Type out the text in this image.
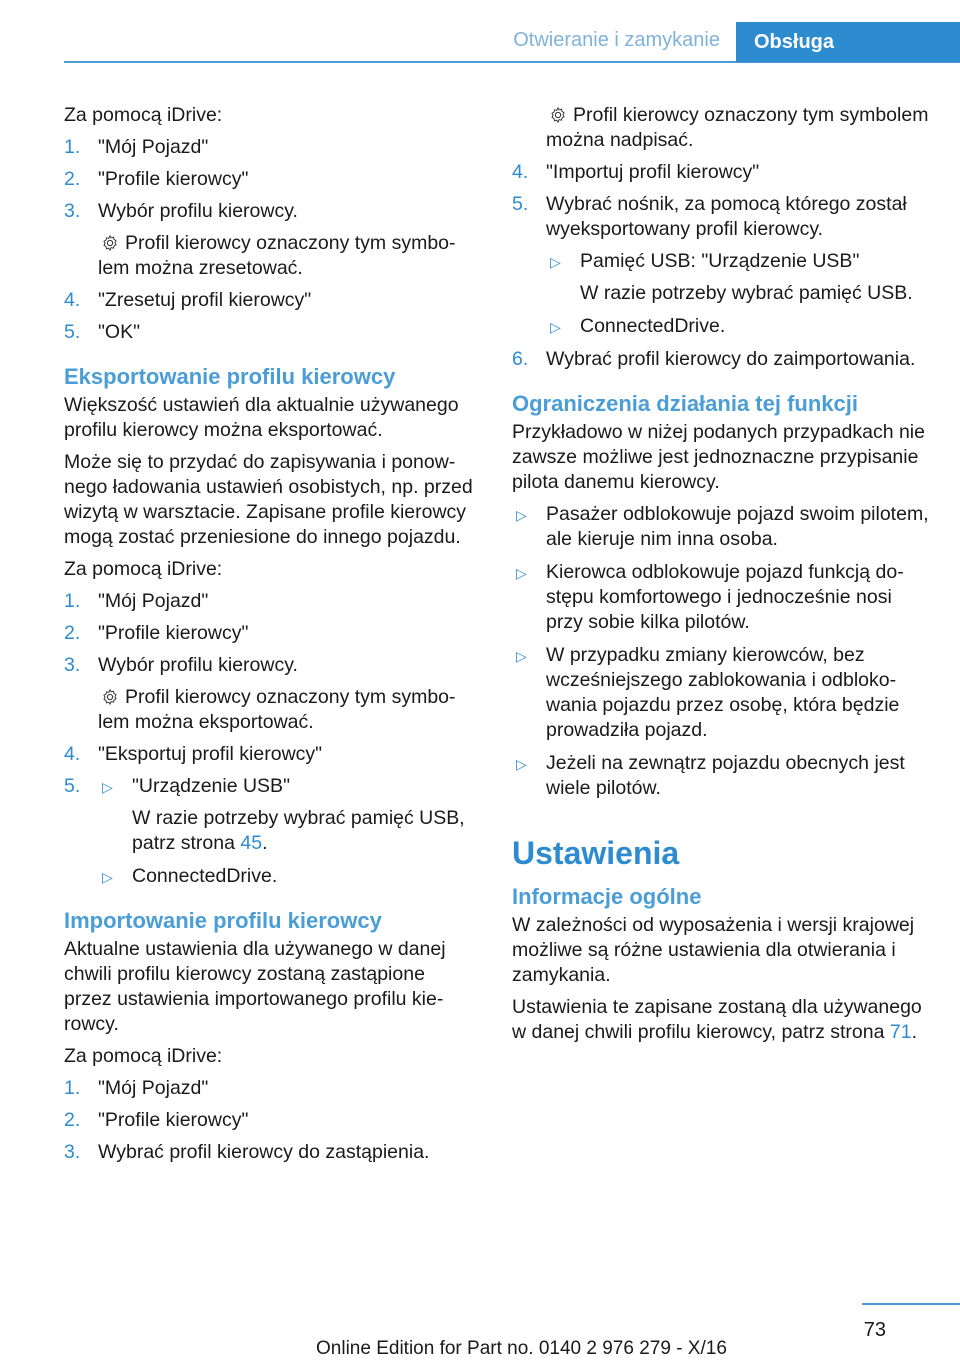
Otwieranie i zamykanie	Obsługa

Za pomocą iDrive:

1. "Mój Pojazd"
2. "Profile kierowcy"
3. Wybór profilu kierowcy.
Profil kierowcy oznaczony tym symbolem można zresetować.
4. "Zresetuj profil kierowcy"
5. "OK"
Eksportowanie profilu kierowcy

Większość ustawień dla aktualnie używanego profilu kierowcy można eksportować.

Może się to przydać do zapisywania i ponownego ładowania ustawień osobistych, np. przed wizytą w warsztacie. Zapisane profile kierowcy mogą zostać przeniesione do innego pojazdu.

Za pomocą iDrive:

1. "Mój Pojazd"
2. "Profile kierowcy"
3. Wybór profilu kierowcy.
Profil kierowcy oznaczony tym symbolem można eksportować.
4. "Eksportuj profil kierowcy"
5. ▷ "Urządzenie USB"
W razie potrzeby wybrać pamięć USB, patrz strona 45.
▷ ConnectedDrive.
Importowanie profilu kierowcy

Aktualne ustawienia dla używanego w danej chwili profilu kierowcy zostaną zastąpione przez ustawienia importowanego profilu kierowcy.

Za pomocą iDrive:

1. "Mój Pojazd"
2. "Profile kierowcy"
3. Wybrać profil kierowcy do zastąpienia.

Profil kierowcy oznaczony tym symbolem można nadpisać.

4. "Importuj profil kierowcy"
5. Wybrać nośnik, za pomocą którego został wyeksportowany profil kierowcy.
▷ Pamięć USB: "Urządzenie USB"
W razie potrzeby wybrać pamięć USB.
▷ ConnectedDrive.
6. Wybrać profil kierowcy do zaimportowania.
Ograniczenia działania tej funkcji

Przykładowo w niżej podanych przypadkach nie zawsze możliwe jest jednoznaczne przypisanie pilota danemu kierowcy.

▷ Pasażer odblokowuje pojazd swoim pilotem, ale kieruje nim inna osoba.
▷ Kierowca odblokowuje pojazd funkcją dostępu komfortowego i jednocześnie nosi przy sobie kilka pilotów.
▷ W przypadku zmiany kierowców, bez wcześniejszego zablokowania i odblokowania pojazdu przez osobę, która będzie prowadziła pojazd.
▷ Jeżeli na zewnątrz pojazdu obecnych jest wiele pilotów.
Ustawienia
Informacje ogólne

W zależności od wyposażenia i wersji krajowej możliwe są różne ustawienia dla otwierania i zamykania.

Ustawienia te zapisane zostaną dla używanego w danej chwili profilu kierowcy, patrz strona 71.

73
Online Edition for Part no. 0140 2 976 279 - X/16
